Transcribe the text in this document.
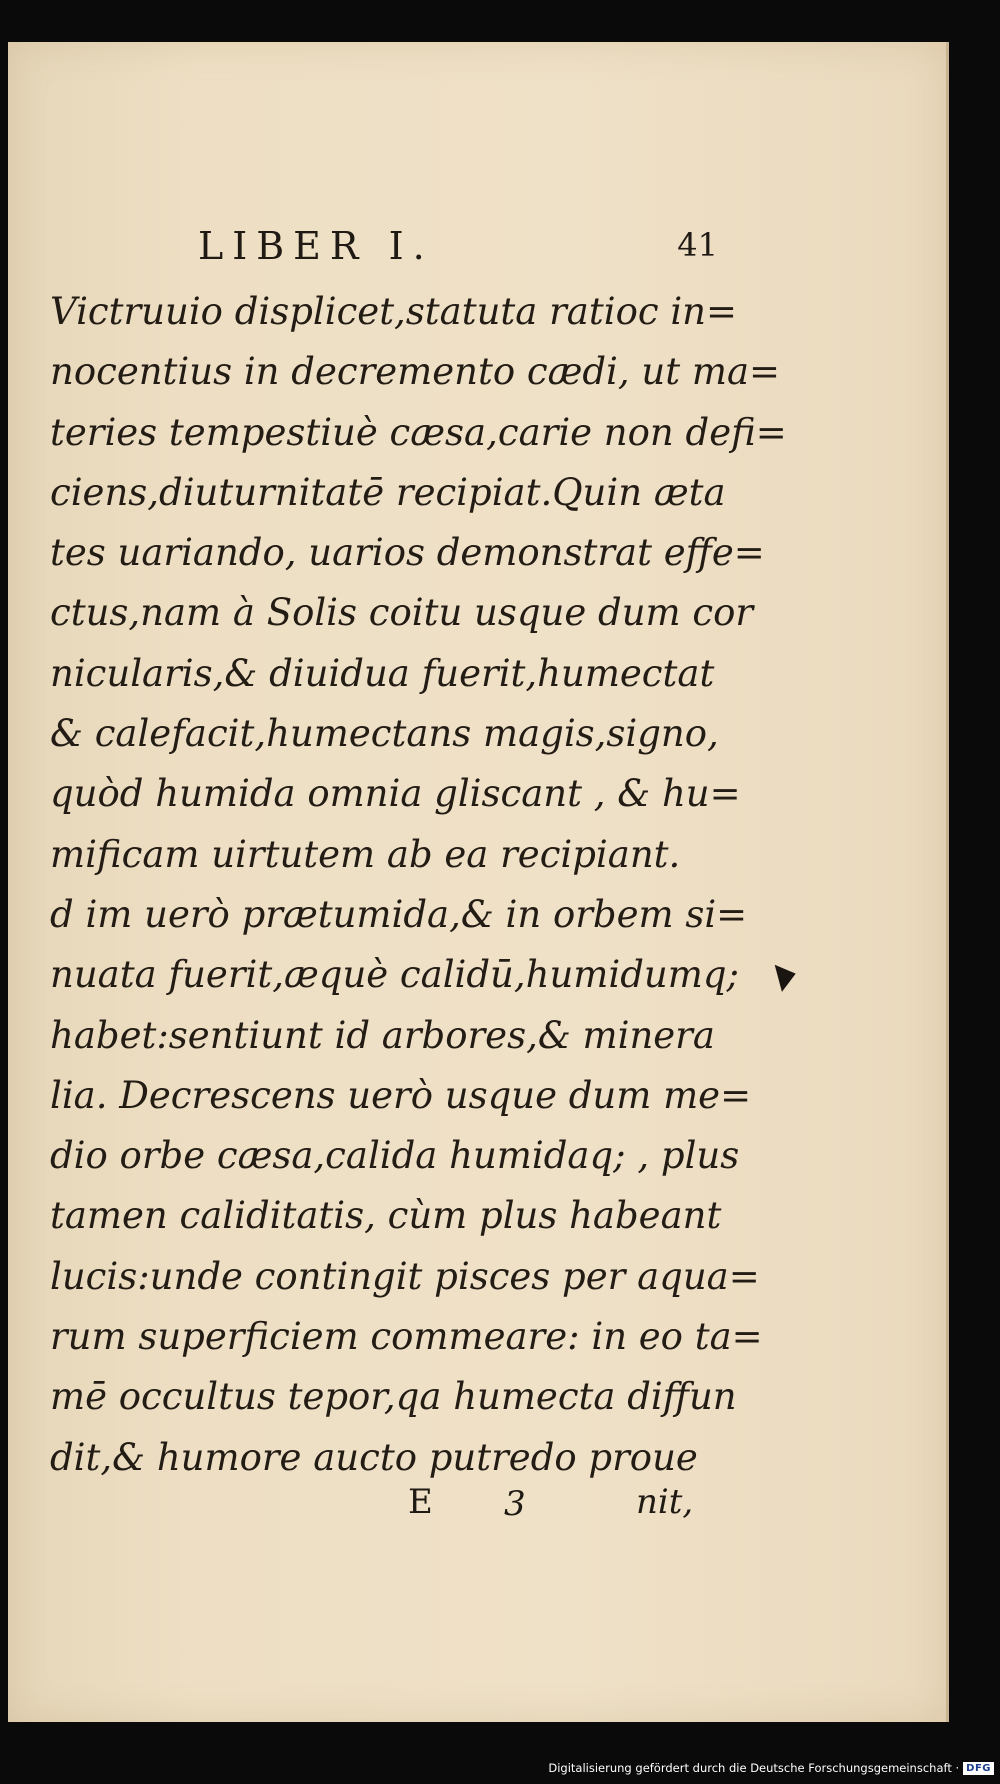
LIBER I.	41
Victruuio displicet,statuta ratioc in=
nocentius in decremento cædi, ut ma=
teries tempestiuè cæsa,carie non defi=
ciens,diuturnitatē recipiat.Quin æta
tes uariando, uarios demonstrat effe=
ctus,nam à Solis coitu usque dum cor
nicularis,& diuidua fuerit,humectat
& calefacit,humectans magis,signo,
quòd humida omnia gliscant , & hu=
mificam uirtutem ab ea recipiant.
d im uerò prætumida,& in orbem si=
nuata fuerit,æquè calidū,humidumq;
habet:sentiunt id arbores,& minera
lia. Decrescens uerò usque dum me=
dio orbe cæsa,calida humidaq; , plus
tamen caliditatis, cùm plus habeant
lucis:unde contingit pisces per aqua=
rum superficiem commeare: in eo ta=
mē occultus tepor,qa humecta diffun
dit,& humore aucto putredo proue
E 3	nit,
Digitalisierung gefördert durch die Deutsche Forschungsgemeinschaft · DFG
